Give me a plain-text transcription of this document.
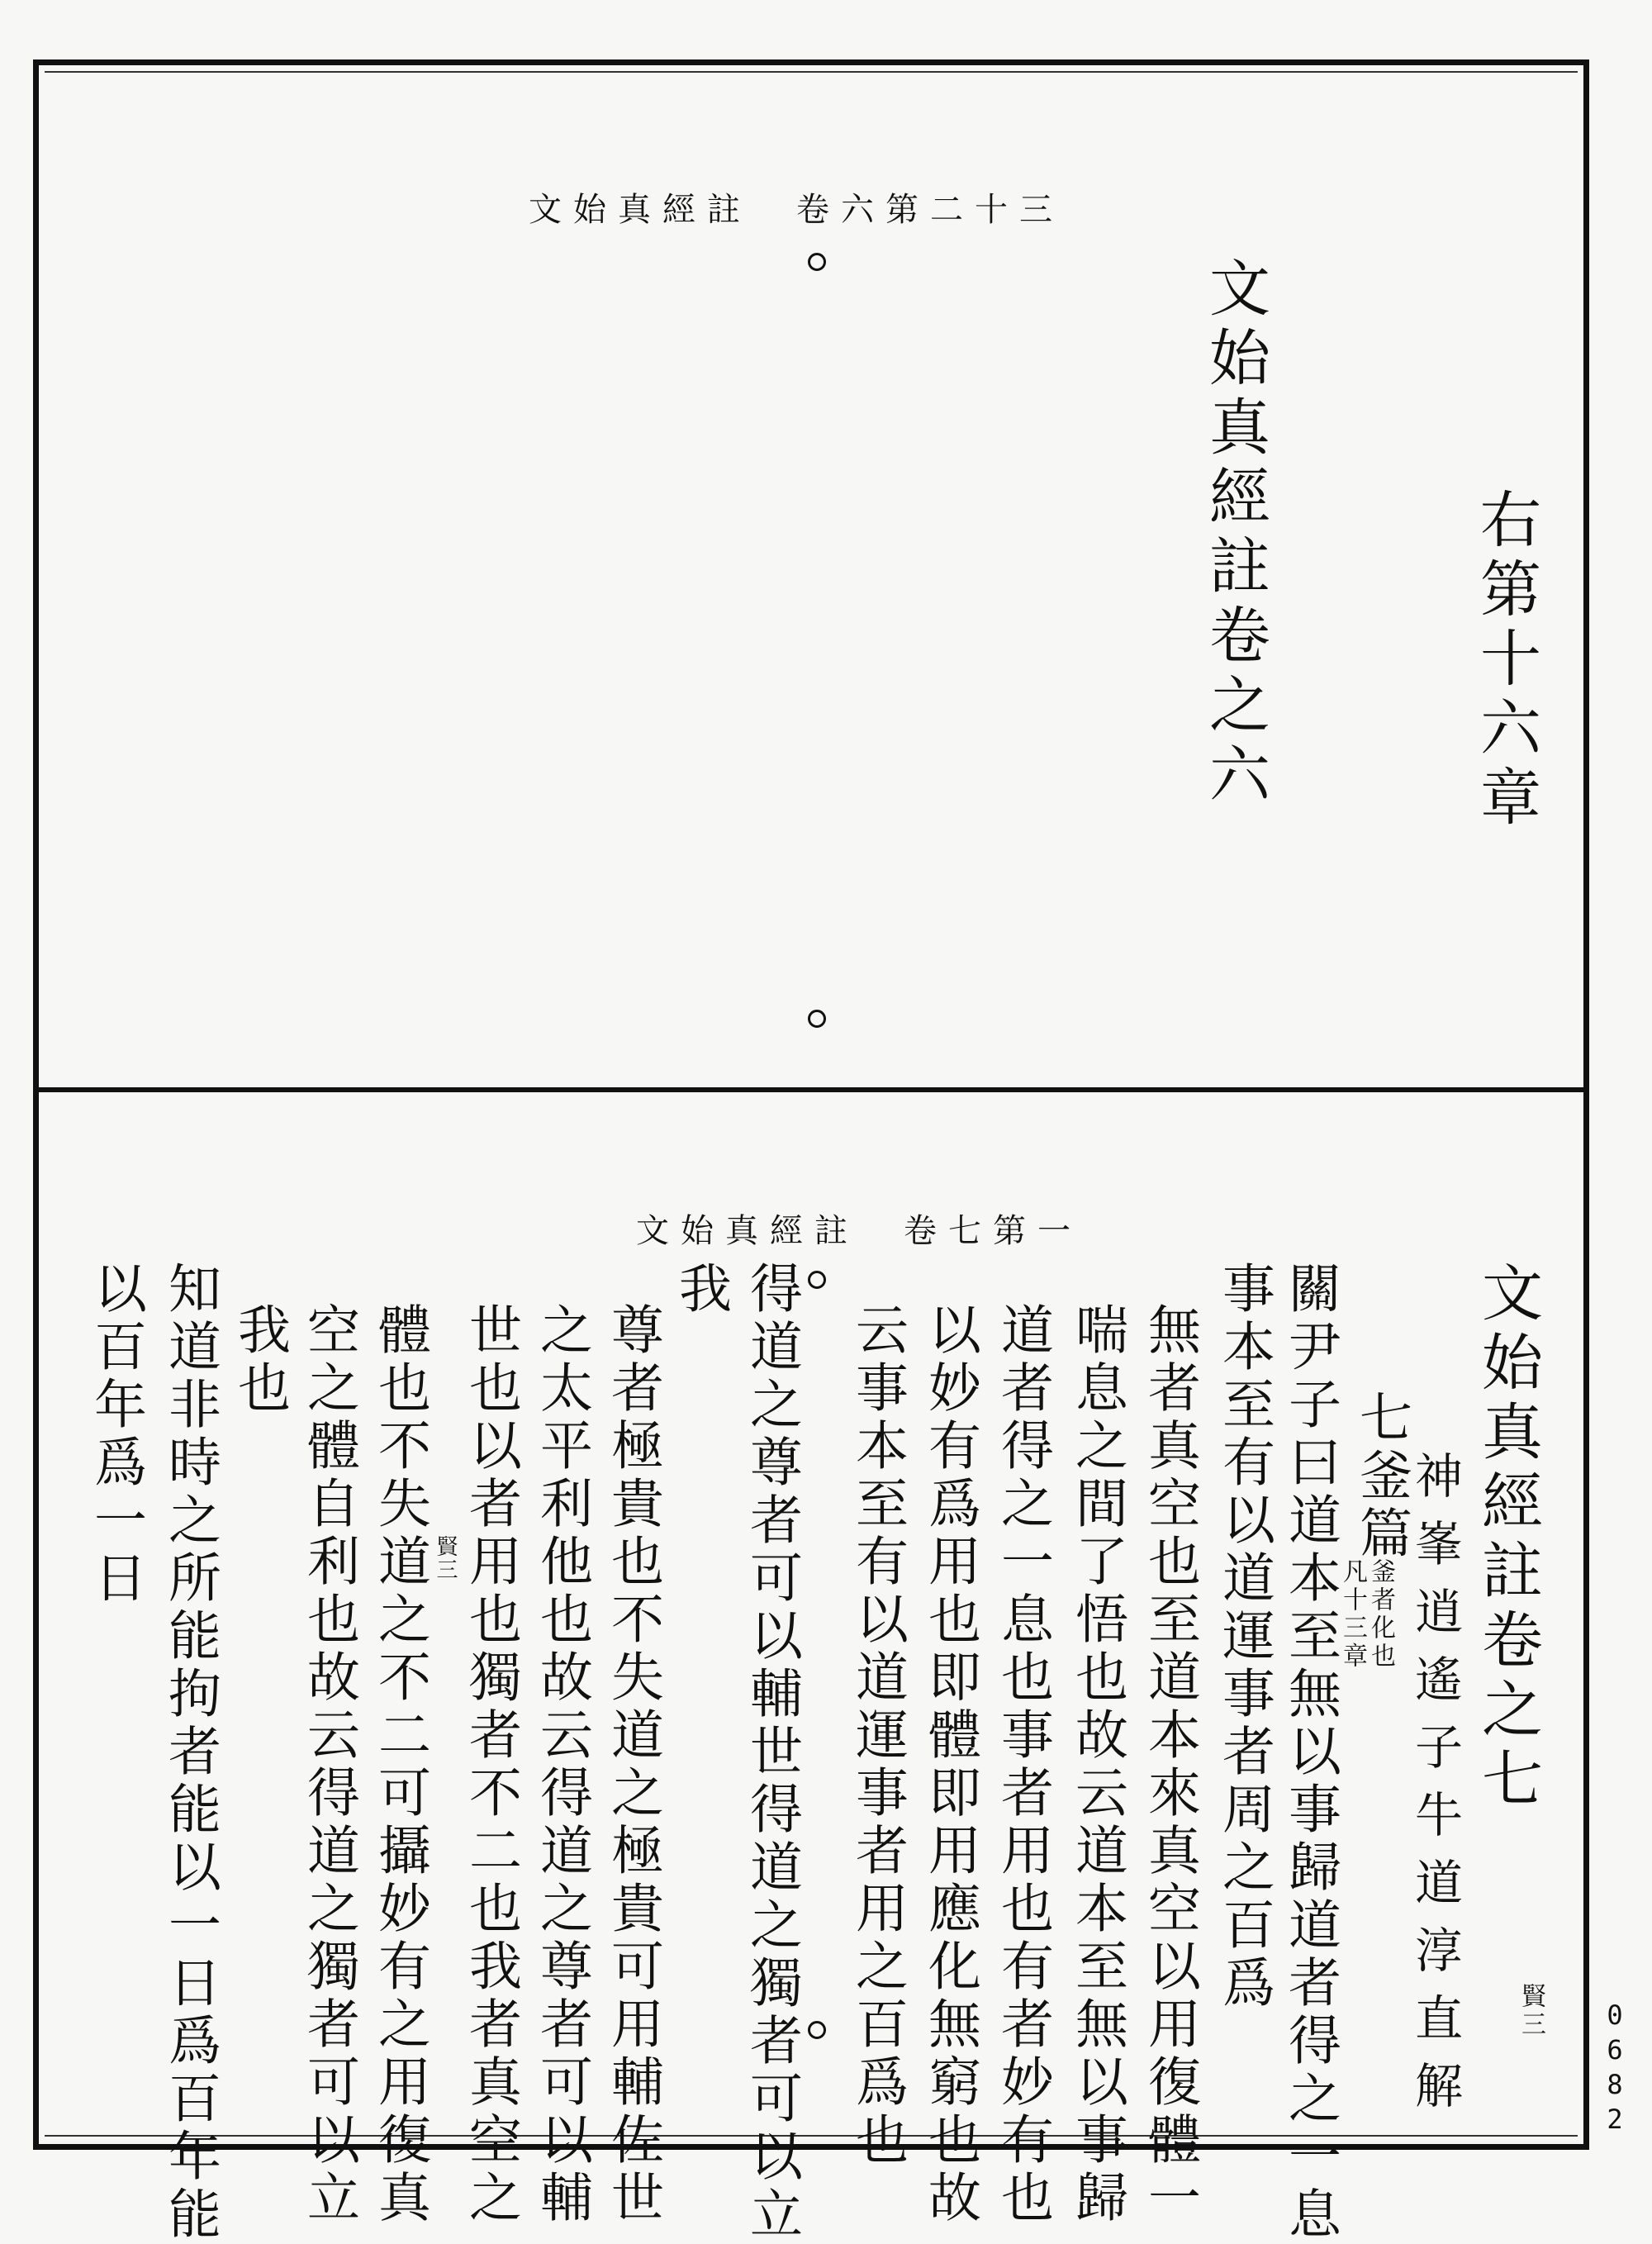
文始真經註　卷六第二十三
文始真經註卷之六	右第十六章
文始真經註　卷七第一
文始真經註卷之七
神峯逍遙子牛道淳直解 賢三
七釜篇
釜者化也
凡十三章
關尹子曰道本至無以事歸道者得之一息
事本至有以道運事者周之百爲
無者真空也至道本來真空以用復體一
喘息之間了悟也故云道本至無以事歸
道者得之一息也事者用也有者妙有也
以妙有爲用也即體即用應化無窮也故
云事本至有以道運事者用之百爲也
得道之尊者可以輔世得道之獨者可以立
我
尊者極貴也不失道之極貴可用輔佐世
之太平利他也故云得道之尊者可以輔
世也以者用也獨者不二也我者真空之
賢三
體也不失道之不二可攝妙有之用復真
空之體自利也故云得道之獨者可以立
我也
知道非時之所能拘者能以一日爲百年能
以百年爲一日
0682
